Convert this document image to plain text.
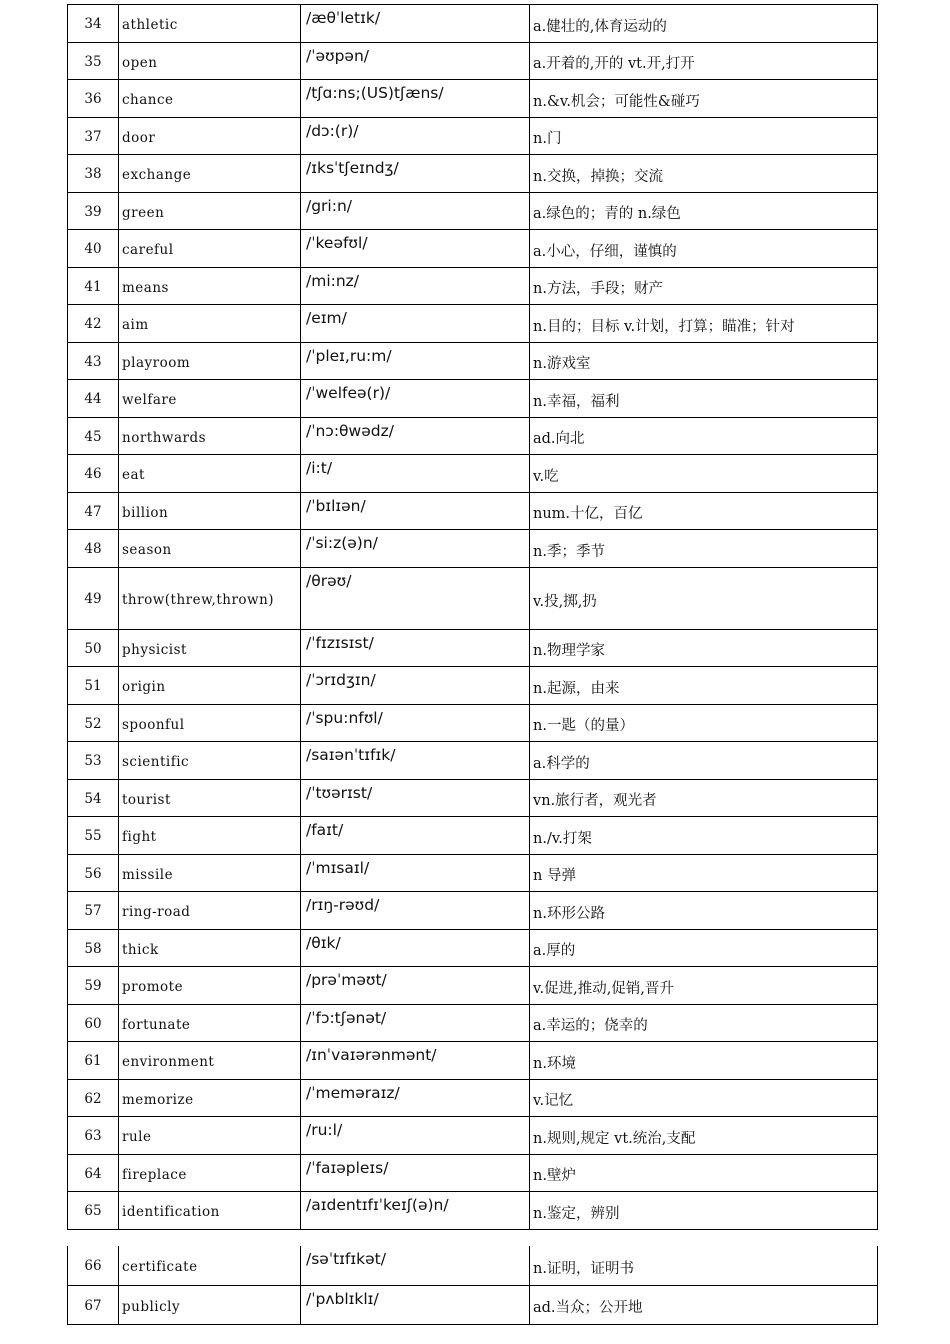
34	athletic	/æθˈletɪk/	a.健壮的,体育运动的
35	open	/ˈəʊpən/	a.开着的,开的 vt.开,打开
36	chance	/tʃɑ:ns;(US)tʃæns/	n.&v.机会；可能性&碰巧
37	door	/dɔ:(r)/	n.门
38	exchange	/ɪksˈtʃeɪndʒ/	n.交换，掉换；交流
39	green	/gri:n/	a.绿色的；青的 n.绿色
40	careful	/ˈkeəfʊl/	a.小心，仔细，谨慎的
41	means	/mi:nz/	n.方法，手段；财产
42	aim	/eɪm/	n.目的；目标 v.计划，打算；瞄准；针对
43	playroom	/ˈpleɪ,ru:m/	n.游戏室
44	welfare	/ˈwelfeə(r)/	n.幸福，福利
45	northwards	/ˈnɔ:θwədz/	ad.向北
46	eat	/i:t/	v.吃
47	billion	/ˈbɪlɪən/	num.十亿，百亿
48	season	/ˈsi:z(ə)n/	n.季；季节
49	throw(threw,thrown)	/θrəʊ/	v.投,掷,扔
50	physicist	/ˈfɪzɪsɪst/	n.物理学家
51	origin	/ˈɔrɪdʒɪn/	n.起源，由来
52	spoonful	/ˈspu:nfʊl/	n.一匙（的量）
53	scientific	/saɪənˈtɪfɪk/	a.科学的
54	tourist	/ˈtʊərɪst/	vn.旅行者，观光者
55	fight	/faɪt/	n./v.打架
56	missile	/ˈmɪsaɪl/	n 导弹
57	ring-road	/rɪŋ-rəʊd/	n.环形公路
58	thick	/θɪk/	a.厚的
59	promote	/prəˈməʊt/	v.促进,推动,促销,晋升
60	fortunate	/ˈfɔ:tʃənət/	a.幸运的；侥幸的
61	environment	/ɪnˈvaɪərənmənt/	n.环境
62	memorize	/ˈmeməraɪz/	v.记忆
63	rule	/ru:l/	n.规则,规定 vt.统治,支配
64	fireplace	/ˈfaɪəpleɪs/	n.壁炉
65	identification	/aɪdentɪfɪˈkeɪʃ(ə)n/	n.鉴定，辨别
66	certificate	/səˈtɪfɪkət/	n.证明，证明书
67	publicly	/ˈpʌblɪklɪ/	ad.当众；公开地
